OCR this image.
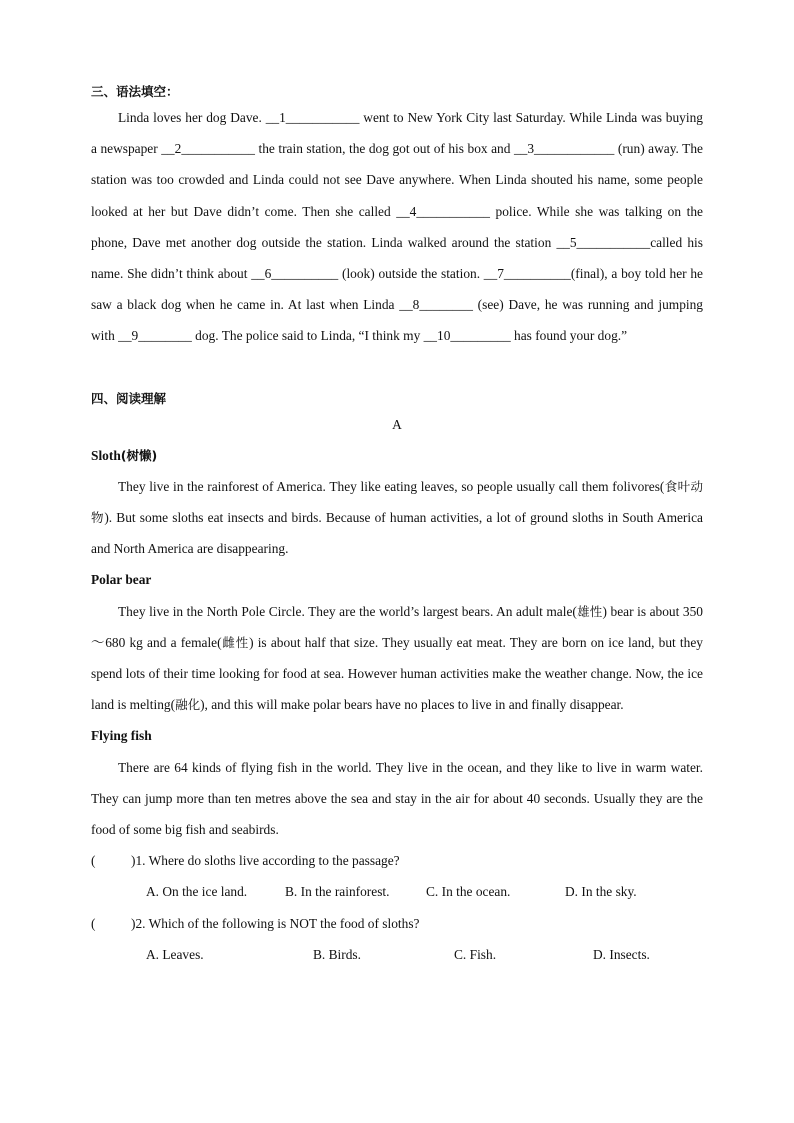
三、语法填空：

Linda loves her dog Dave. __1___________ went to New York City last Saturday. While Linda was buying a newspaper __2___________ the train station, the dog got out of his box and __3____________ (run) away. The station was too crowded and Linda could not see Dave anywhere. When Linda shouted his name, some people looked at her but Dave didn’t come. Then she called __4___________ police. While she was talking on the phone, Dave met another dog outside the station. Linda walked around the station __5___________called his name. She didn’t think about __6__________ (look) outside the station. __7__________(final), a boy told her he saw a black dog when he came in. At last when Linda __8________ (see) Dave, he was running and jumping with __9________ dog. The police said to Linda, “I think my __10_________ has found your dog.”

四、阅读理解

A

Sloth(树懒)

They live in the rainforest of America. They like eating leaves, so people usually call them folivores(食叶动物). But some sloths eat insects and birds. Because of human activities, a lot of ground sloths in South America and North America are disappearing.

Polar bear

They live in the North Pole Circle. They are the world’s largest bears. An adult male(雄性) bear is about 350～680 kg and a female(雌性) is about half that size. They usually eat meat. They are born on ice land, but they spend lots of their time looking for food at sea. However human activities make the weather change. Now, the ice land is melting(融化), and this will make polar bears have no places to live in and finally disappear.

Flying fish

There are 64 kinds of flying fish in the world. They live in the ocean, and they like to live in warm water. They can jump more than ten metres above the sea and stay in the air for about 40 seconds. Usually they are the food of some big fish and seabirds.

(	)1. Where do sloths live according to the passage?

A. On the ice land.	B. In the rainforest.	C. In the ocean.	D. In the sky.

(	)2. Which of the following is NOT the food of sloths?

A. Leaves.	B. Birds.	C. Fish.	D. Insects.
